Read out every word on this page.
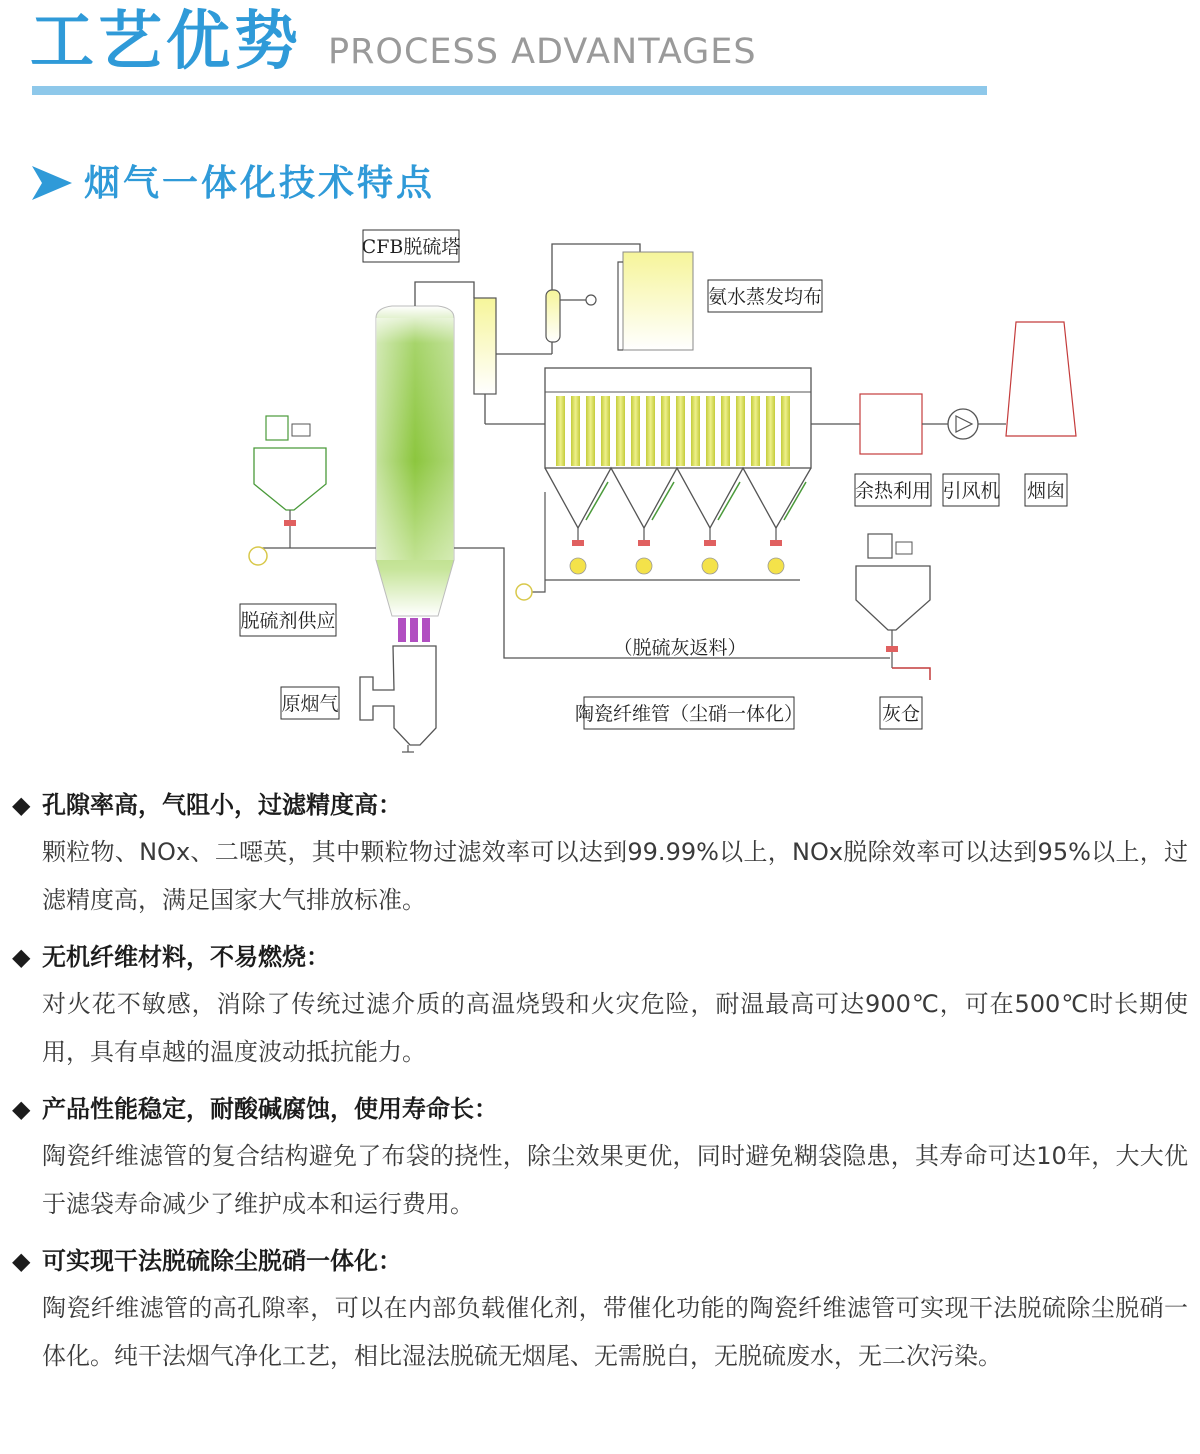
工艺优势 PROCESS ADVANTAGES
烟气一体化技术特点
CFB脱硫塔
氨水蒸发均布
余热利用 引风机 烟囱
脱硫剂供应
（脱硫灰返料）
原烟气	陶瓷纤维管（尘硝一体化）	灰仓
◆ 孔隙率高，气阻小，过滤精度高：
颗粒物、NOx、二噁英，其中颗粒物过滤效率可以达到99.99%以上，NOx脱除效率可以达到95%以上，过滤精度高，满足国家大气排放标准。
◆ 无机纤维材料，不易燃烧：
对火花不敏感，消除了传统过滤介质的高温烧毁和火灾危险，耐温最高可达900℃，可在500℃时长期使用，具有卓越的温度波动抵抗能力。
◆ 产品性能稳定，耐酸碱腐蚀，使用寿命长：
陶瓷纤维滤管的复合结构避免了布袋的挠性，除尘效果更优，同时避免糊袋隐患，其寿命可达10年，大大优于滤袋寿命减少了维护成本和运行费用。
◆ 可实现干法脱硫除尘脱硝一体化：
陶瓷纤维滤管的高孔隙率，可以在内部负载催化剂，带催化功能的陶瓷纤维滤管可实现干法脱硫除尘脱硝一体化。纯干法烟气净化工艺，相比湿法脱硫无烟尾、无需脱白，无脱硫废水，无二次污染。
